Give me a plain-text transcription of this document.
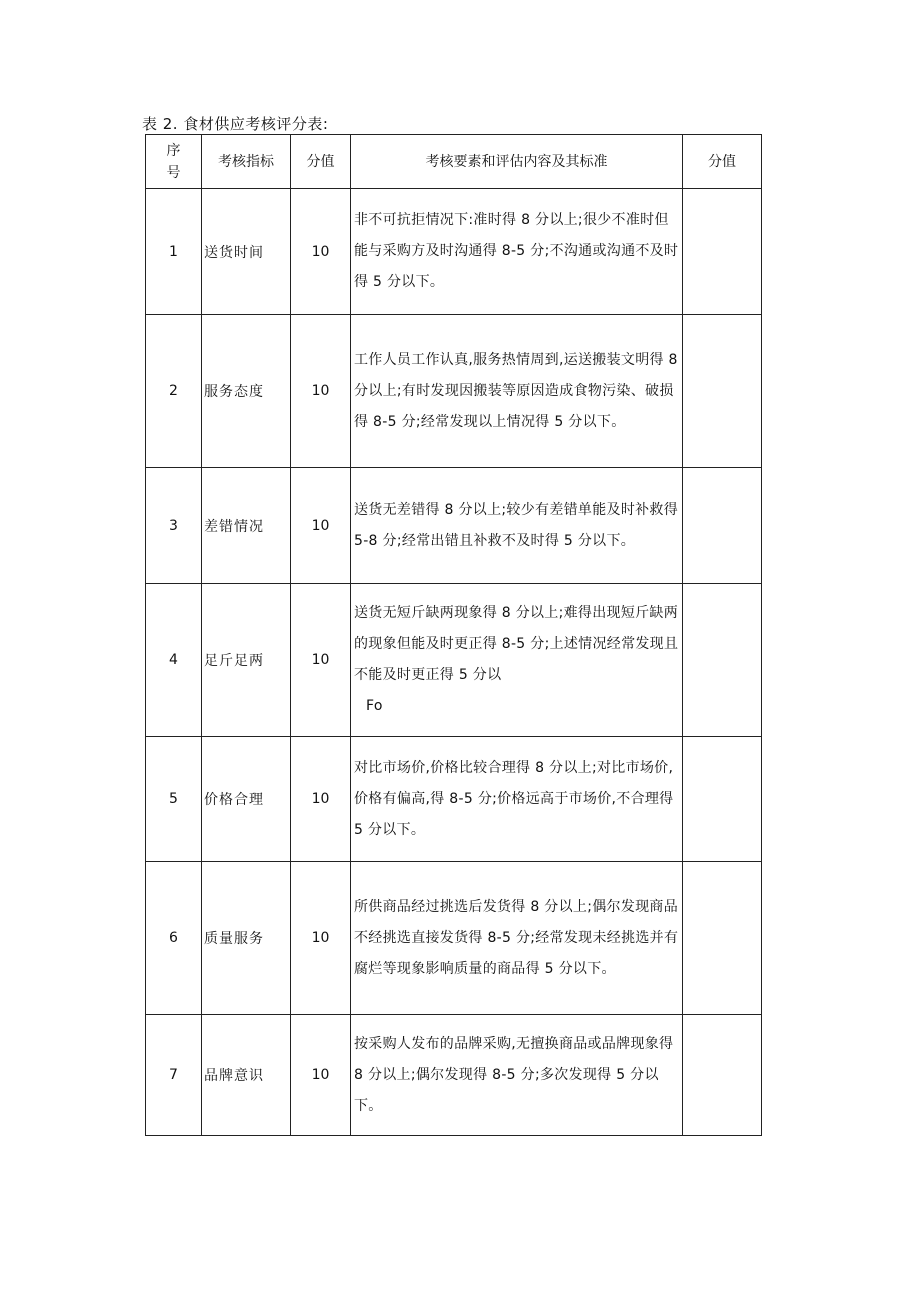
表 2. 食材供应考核评分表:
序
号	考核指标	分值	考核要素和评估内容及其标准	分值
1	送货时间	10	非不可抗拒情况下:准时得 8 分以上;很少不准时但能与采购方及时沟通得 8-5 分;不沟通或沟通不及时得 5 分以下。	
2	服务态度	10	工作人员工作认真,服务热情周到,运送搬装文明得 8 分以上;有时发现因搬装等原因造成食物污染、破损得 8-5 分;经常发现以上情况得 5 分以下。	
3	差错情况	10	送货无差错得 8 分以上;较少有差错单能及时补救得 5-8 分;经常出错且补救不及时得 5 分以下。	
4	足斤足两	10	送货无短斤缺两现象得 8 分以上;难得出现短斤缺两的现象但能及时更正得 8-5 分;上述情况经常发现且不能及时更正得 5 分以
Fo	

5	价格合理	10	对比市场价,价格比较合理得 8 分以上;对比市场价,价格有偏高,得 8-5 分;价格远高于市场价,不合理得 5 分以下。	
6	质量服务	10	所供商品经过挑选后发货得 8 分以上;偶尔发现商品不经挑选直接发货得 8-5 分;经常发现未经挑选并有腐烂等现象影响质量的商品得 5 分以下。	
7	品牌意识	10	按采购人发布的品牌采购,无擅换商品或品牌现象得 8 分以上;偶尔发现得 8-5 分;多次发现得 5 分以下。	
